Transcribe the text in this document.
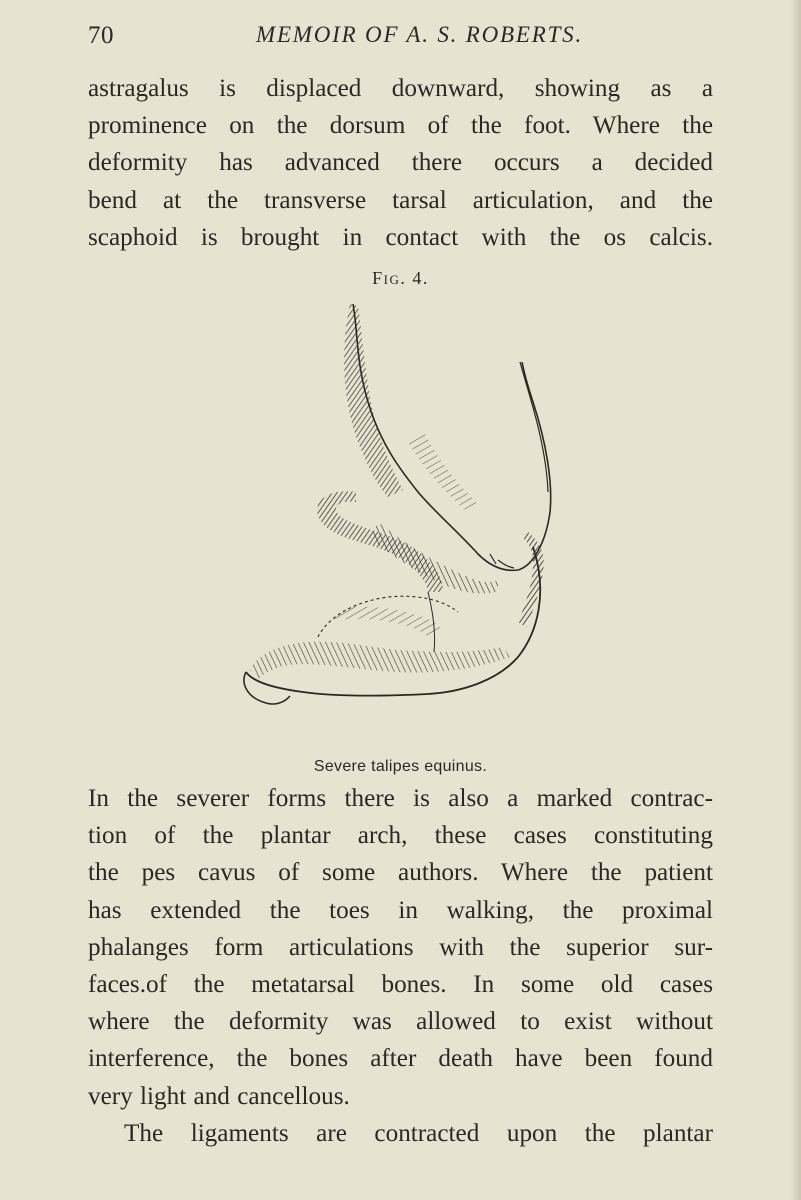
70	MEMOIR OF A. S. ROBERTS.
astragalus is displaced downward, showing as a
prominence on the dorsum of the foot. Where the
deformity has advanced there occurs a decided
bend at the transverse tarsal articulation, and the
scaphoid is brought in contact with the os calcis.
Fig. 4.
Severe talipes equinus.
In the severer forms there is also a marked contrac-
tion of the plantar arch, these cases constituting
the pes cavus of some authors. Where the patient
has extended the toes in walking, the proximal
phalanges form articulations with the superior sur-
faces.of the metatarsal bones. In some old cases
where the deformity was allowed to exist without
interference, the bones after death have been found
very light and cancellous.
The ligaments are contracted upon the plantar
